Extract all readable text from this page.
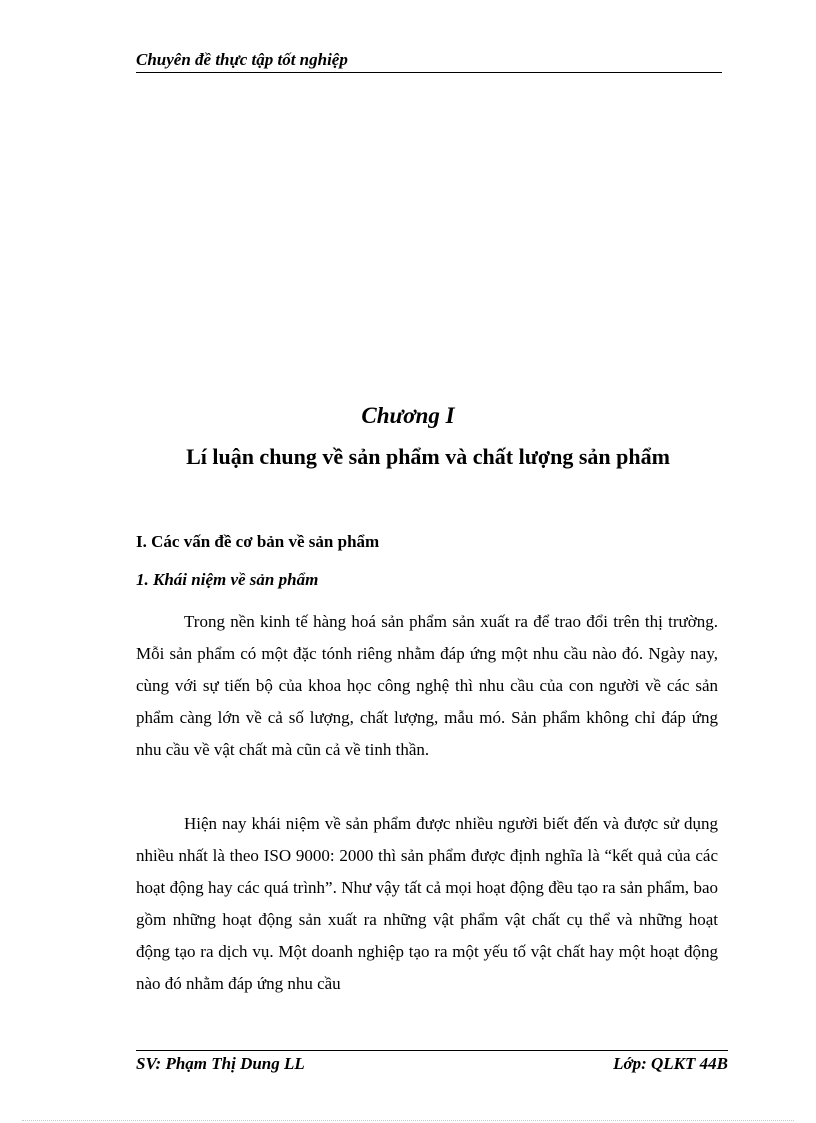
Chuyên đề thực tập tốt nghiệp
Chương I
Lí luận chung về sản phẩm và chất lượng sản phẩm
I. Các vấn đề cơ bản về sản phẩm
1. Khái niệm về sản phẩm

Trong nền kinh tế hàng hoá sản phẩm sản xuất ra để trao đổi trên thị trường. Mỗi sản phẩm có một đặc tónh riêng nhằm đáp ứng một nhu cầu nào đó. Ngày nay, cùng với sự tiến bộ của khoa học công nghệ thì nhu cầu của con người về các sản phẩm càng lớn về cả số lượng, chất lượng, mẫu mó. Sản phẩm không chỉ đáp ứng nhu cầu về vật chất mà cũn cả về tinh thần.

Hiện nay khái niệm về sản phẩm được nhiều người biết đến và được sử dụng nhiều nhất là theo ISO 9000: 2000 thì sản phẩm được định nghĩa là “kết quả của các hoạt động hay các quá trình”. Như vậy tất cả mọi hoạt động đều tạo ra sản phẩm, bao gồm những hoạt động sản xuất ra những vật phẩm vật chất cụ thể và những hoạt động tạo ra dịch vụ. Một doanh nghiệp tạo ra một yếu tố vật chất hay một hoạt động nào đó nhằm đáp ứng nhu cầu

SV: Phạm Thị Dung LL	Lớp: QLKT 44B
